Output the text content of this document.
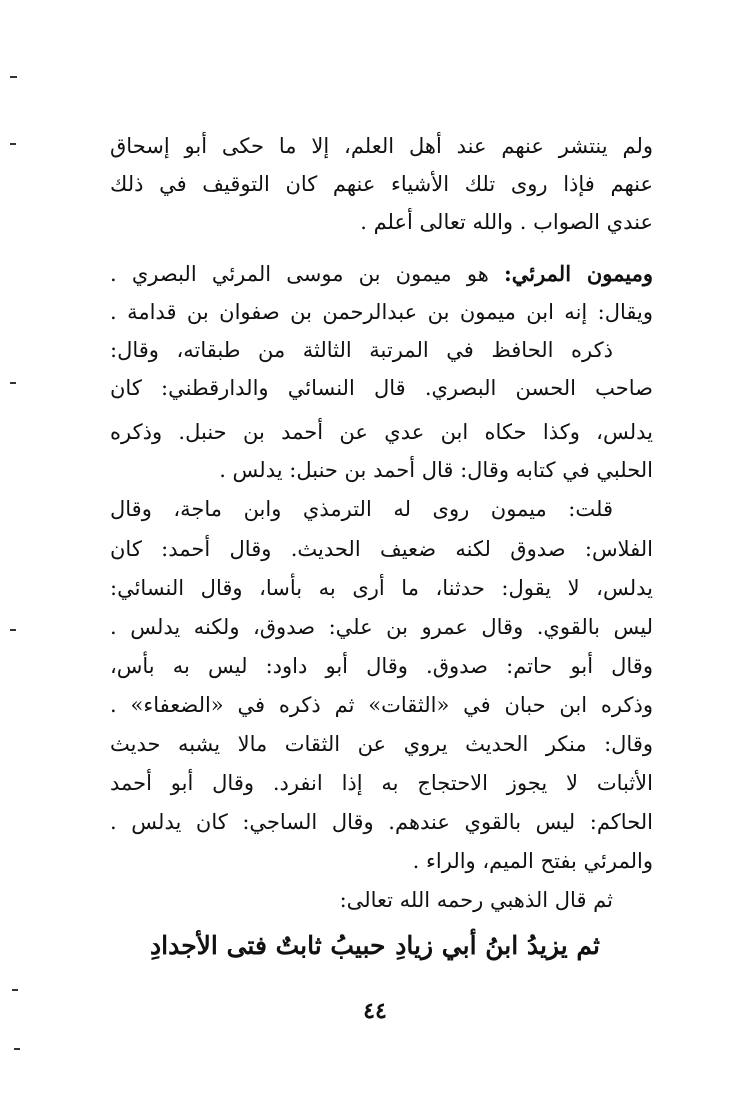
ولم ينتشر عنهم عند أهل العلم، إلا ما حكى أبو إسحاق
عنهم فإذا روى تلك الأشياء عنهم كان التوقيف في ذلك
عندي الصواب . والله تعالى أعلم .
وميمون المرئي: هو ميمون بن موسى المرئي البصري .
ويقال: إنه ابن ميمون بن عبدالرحمن بن صفوان بن قدامة .
ذكره الحافظ في المرتبة الثالثة من طبقاته، وقال:
صاحب الحسن البصري. قال النسائي والدارقطني: كان
يدلس، وكذا حكاه ابن عدي عن أحمد بن حنبل. وذكره
الحلبي في كتابه وقال: قال أحمد بن حنبل: يدلس .
قلت: ميمون روى له الترمذي وابن ماجة، وقال
الفلاس: صدوق لكنه ضعيف الحديث. وقال أحمد: كان
يدلس، لا يقول: حدثنا، ما أرى به بأسا، وقال النسائي:
ليس بالقوي. وقال عمرو بن علي: صدوق، ولكنه يدلس .
وقال أبو حاتم: صدوق. وقال أبو داود: ليس به بأس،
وذكره ابن حبان في «الثقات» ثم ذكره في «الضعفاء» .
وقال: منكر الحديث يروي عن الثقات مالا يشبه حديث
الأثبات لا يجوز الاحتجاج به إذا انفرد. وقال أبو أحمد
الحاكم: ليس بالقوي عندهم. وقال الساجي: كان يدلس .
والمرئي بفتح الميم، والراء .
ثم قال الذهبي رحمه الله تعالى:
ثم يزيدُ ابنُ أبي زيادِ
حبيبُ ثابتٌ فتى الأجدادِ
٤٤
